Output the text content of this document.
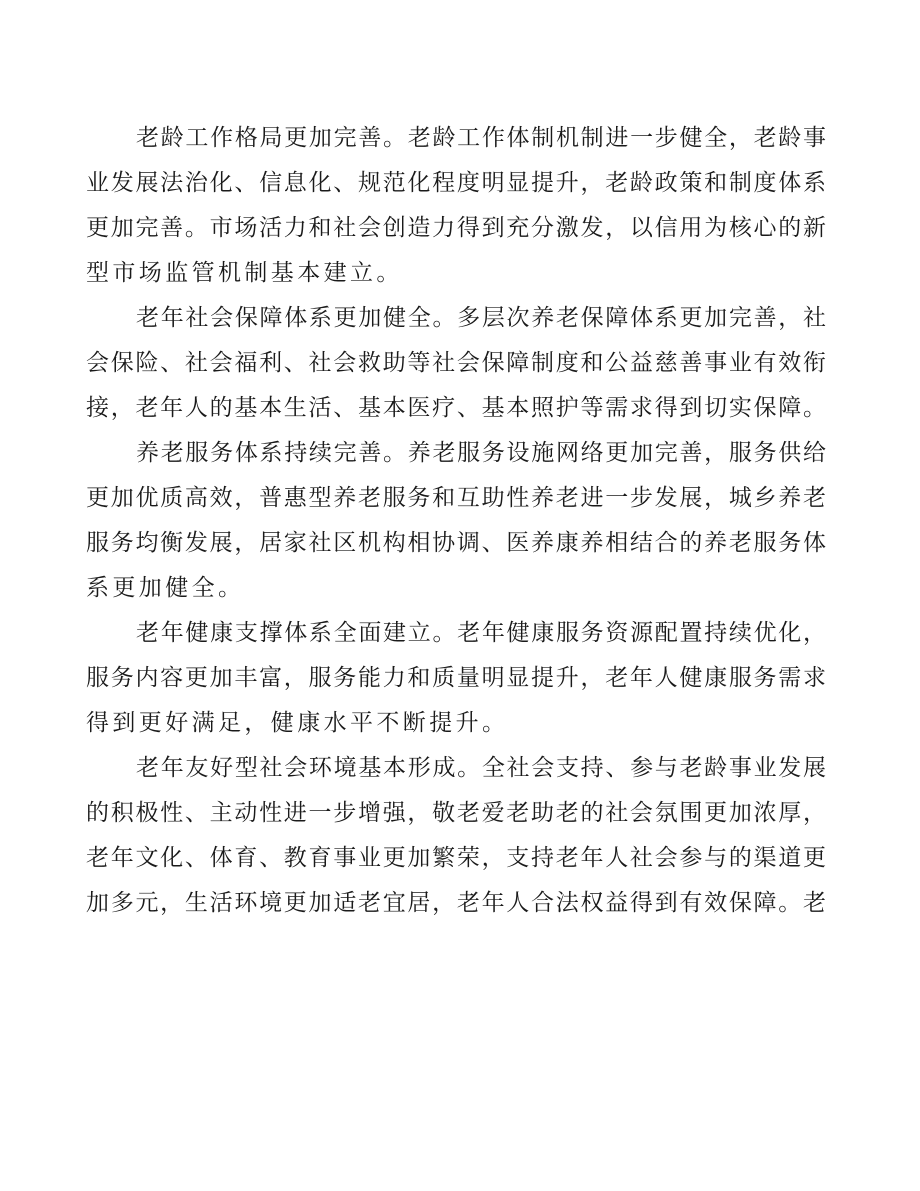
老龄工作格局更加完善。老龄工作体制机制进一步健全，老龄事
业发展法治化、信息化、规范化程度明显提升，老龄政策和制度体系
更加完善。市场活力和社会创造力得到充分激发，以信用为核心的新
型市场监管机制基本建立。
老年社会保障体系更加健全。多层次养老保障体系更加完善，社
会保险、社会福利、社会救助等社会保障制度和公益慈善事业有效衔
接，老年人的基本生活、基本医疗、基本照护等需求得到切实保障。
养老服务体系持续完善。养老服务设施网络更加完善，服务供给
更加优质高效，普惠型养老服务和互助性养老进一步发展，城乡养老
服务均衡发展，居家社区机构相协调、医养康养相结合的养老服务体
系更加健全。
老年健康支撑体系全面建立。老年健康服务资源配置持续优化，
服务内容更加丰富，服务能力和质量明显提升，老年人健康服务需求
得到更好满足，健康水平不断提升。
老年友好型社会环境基本形成。全社会支持、参与老龄事业发展
的积极性、主动性进一步增强，敬老爱老助老的社会氛围更加浓厚，
老年文化、体育、教育事业更加繁荣，支持老年人社会参与的渠道更
加多元，生活环境更加适老宜居，老年人合法权益得到有效保障。老
